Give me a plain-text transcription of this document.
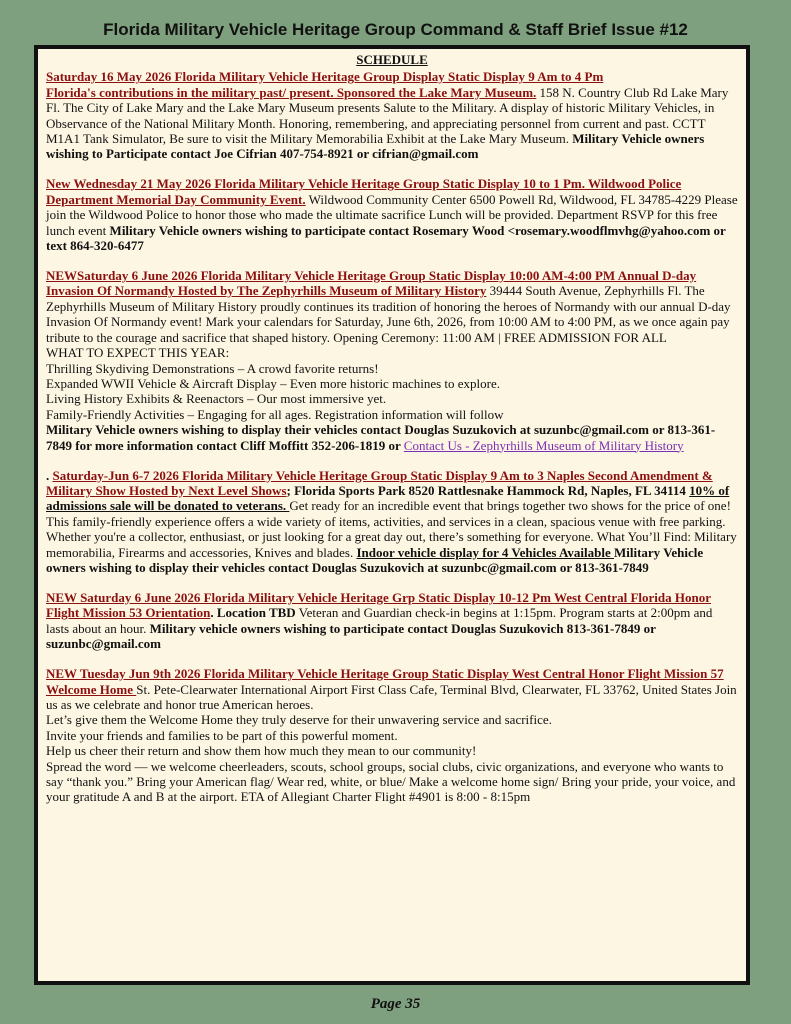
Florida Military Vehicle Heritage Group Command & Staff Brief Issue #12
SCHEDULE

Saturday 16 May 2026 Florida Military Vehicle Heritage Group Display Static Display 9 Am to 4 Pm
Florida's contributions in the military past/ present. Sponsored the Lake Mary Museum. 158 N. Country Club Rd Lake Mary Fl. The City of Lake Mary and the Lake Mary Museum presents Salute to the Military. A display of historic Military Vehicles, in Observance of the National Military Month. Honoring, remembering, and appreciating personnel from current and past. CCTT M1A1 Tank Simulator, Be sure to visit the Military Memorabilia Exhibit at the Lake Mary Museum. Military Vehicle owners wishing to Participate contact Joe Cifrian 407-754-8921 or cifrian@gmail.com

New Wednesday 21 May 2026 Florida Military Vehicle Heritage Group Static Display 10 to 1 Pm. Wildwood Police Department Memorial Day Community Event. Wildwood Community Center 6500 Powell Rd, Wildwood, FL 34785-4229 Please join the Wildwood Police to honor those who made the ultimate sacrifice Lunch will be provided. Department RSVP for this free lunch event Military Vehicle owners wishing to participate contact Rosemary Wood <rosemary.woodflmvhg@yahoo.com or text 864-320-6477

NEWSaturday 6 June 2026 Florida Military Vehicle Heritage Group Static Display 10:00 AM-4:00 PM Annual D-day Invasion Of Normandy Hosted by The Zephyrhills Museum of Military History 39444 South Avenue, Zephyrhills Fl. The Zephyrhills Museum of Military History proudly continues its tradition of honoring the heroes of Normandy with our annual D-day Invasion Of Normandy event! Mark your calendars for Saturday, June 6th, 2026, from 10:00 AM to 4:00 PM, as we once again pay tribute to the courage and sacrifice that shaped history. Opening Ceremony: 11:00 AM | FREE ADMISSION FOR ALL

WHAT TO EXPECT THIS YEAR:

Thrilling Skydiving Demonstrations – A crowd favorite returns!

Expanded WWII Vehicle & Aircraft Display – Even more historic machines to explore.

Living History Exhibits & Reenactors – Our most immersive yet.

Family-Friendly Activities – Engaging for all ages. Registration information will follow

Military Vehicle owners wishing to display their vehicles contact Douglas Suzukovich at suzunbc@gmail.com or 813-361-7849 for more information contact Cliff Moffitt 352-206-1819 or Contact Us - Zephyrhills Museum of Military History

. Saturday-Jun 6-7 2026 Florida Military Vehicle Heritage Group Static Display 9 Am to 3 Naples Second Amendment & Military Show Hosted by Next Level Shows; Florida Sports Park 8520 Rattlesnake Hammock Rd, Naples, FL 34114 10% of admissions sale will be donated to veterans. Get ready for an incredible event that brings together two shows for the price of one! This family-friendly experience offers a wide variety of items, activities, and services in a clean, spacious venue with free parking. Whether you're a collector, enthusiast, or just looking for a great day out, there’s something for everyone. What You’ll Find: Military memorabilia, Firearms and accessories, Knives and blades. Indoor vehicle display for 4 Vehicles Available Military Vehicle owners wishing to display their vehicles contact Douglas Suzukovich at suzunbc@gmail.com or 813-361-7849

NEW Saturday 6 June 2026 Florida Military Vehicle Heritage Grp Static Display 10-12 Pm West Central Florida Honor Flight Mission 53 Orientation. Location TBD Veteran and Guardian check-in begins at 1:15pm. Program starts at 2:00pm and lasts about an hour. Military vehicle owners wishing to participate contact Douglas Suzukovich 813-361-7849 or suzunbc@gmail.com

NEW Tuesday Jun 9th 2026 Florida Military Vehicle Heritage Group Static Display West Central Honor Flight Mission 57 Welcome Home St. Pete-Clearwater International Airport First Class Cafe, Terminal Blvd, Clearwater, FL 33762, United States Join us as we celebrate and honor true American heroes.

Let’s give them the Welcome Home they truly deserve for their unwavering service and sacrifice.

Invite your friends and families to be part of this powerful moment.

Help us cheer their return and show them how much they mean to our community!

Spread the word — we welcome cheerleaders, scouts, school groups, social clubs, civic organizations, and everyone who wants to say “thank you.” Bring your American flag/ Wear red, white, or blue/ Make a welcome home sign/ Bring your pride, your voice, and your gratitude A and B at the airport. ETA of Allegiant Charter Flight #4901 is 8:00 - 8:15pm

Page 35
